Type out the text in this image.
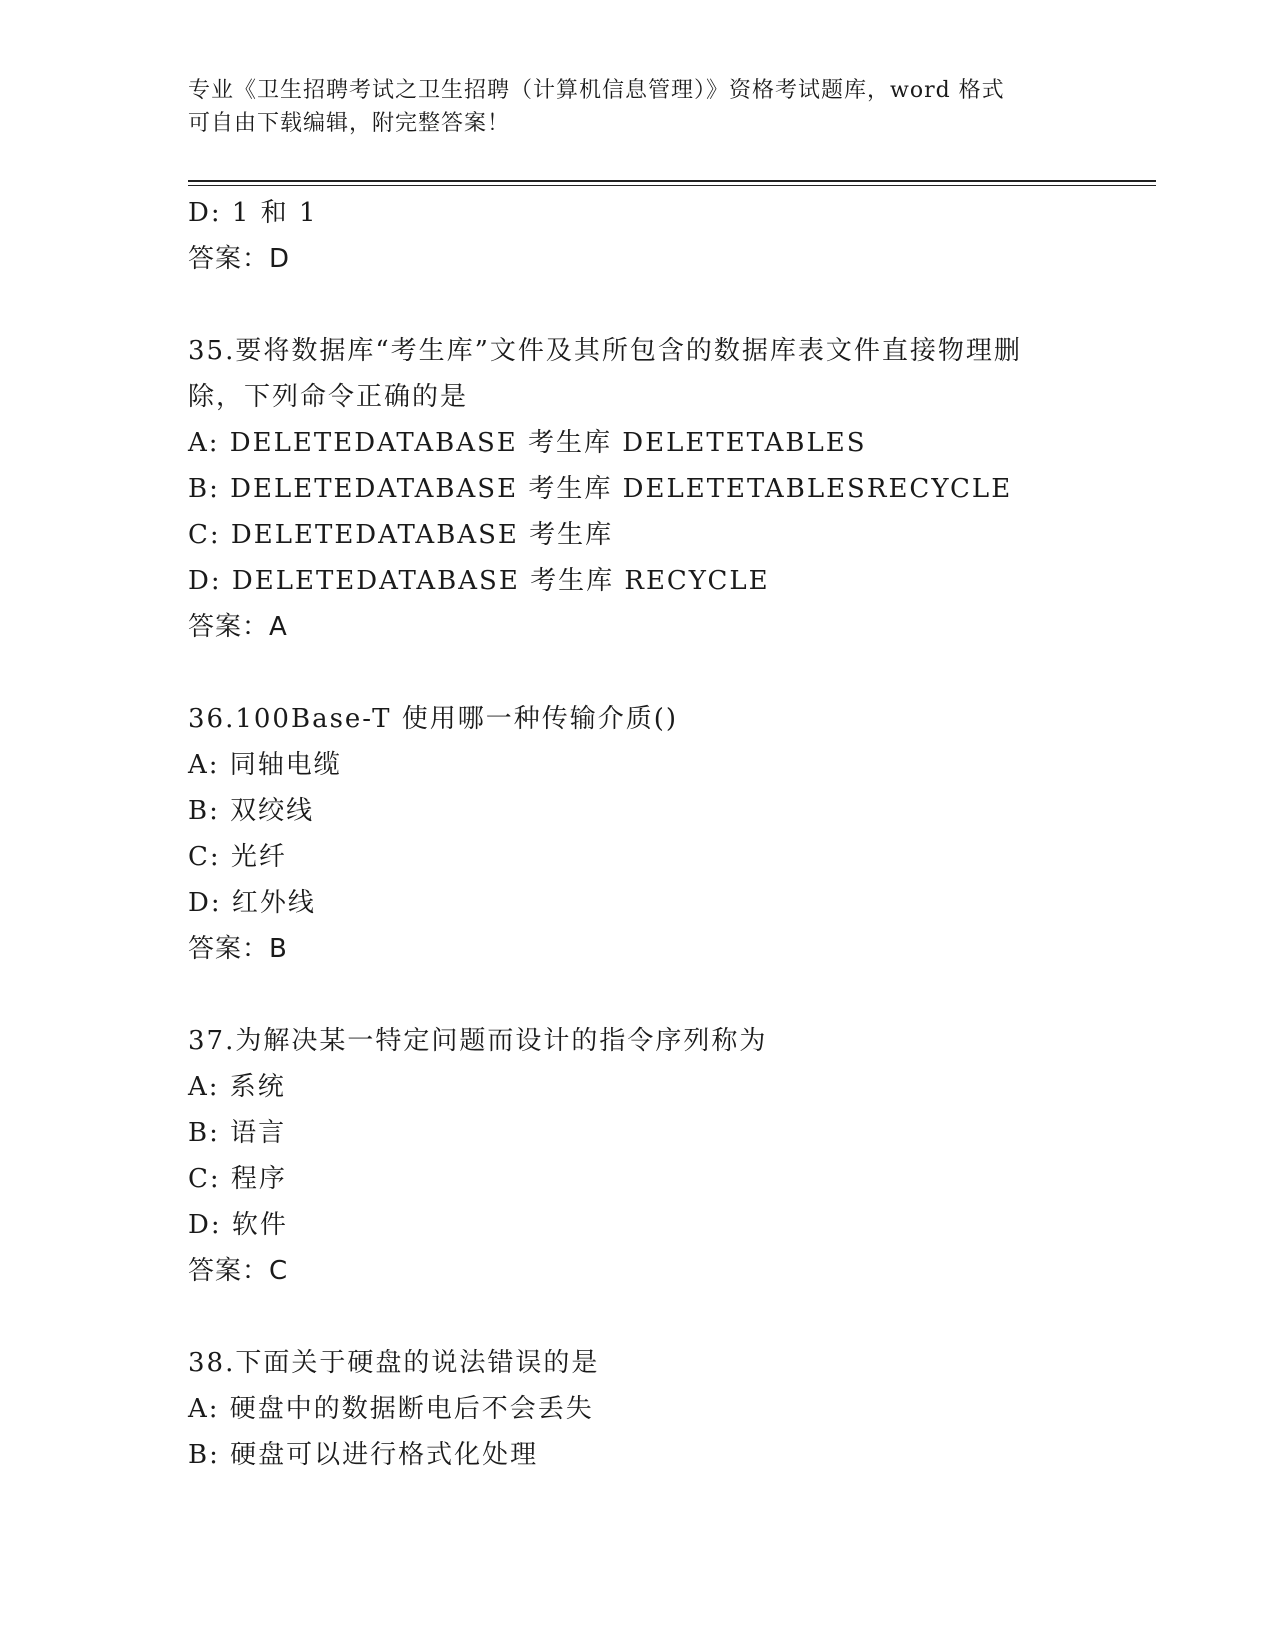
专业《卫生招聘考试之卫生招聘（计算机信息管理）》资格考试题库，word 格式
可自由下载编辑，附完整答案！
D: 1 和 1
答案：D
35.要将数据库“考生库”文件及其所包含的数据库表文件直接物理删
除，下列命令正确的是
A: DELETEDATABASE 考生库 DELETETABLES
B: DELETEDATABASE 考生库 DELETETABLESRECYCLE
C: DELETEDATABASE 考生库
D: DELETEDATABASE 考生库 RECYCLE
答案：A
36.100Base-T 使用哪一种传输介质()
A: 同轴电缆
B: 双绞线
C: 光纤
D: 红外线
答案：B
37.为解决某一特定问题而设计的指令序列称为
A: 系统
B: 语言
C: 程序
D: 软件
答案：C
38.下面关于硬盘的说法错误的是
A: 硬盘中的数据断电后不会丢失
B: 硬盘可以进行格式化处理
